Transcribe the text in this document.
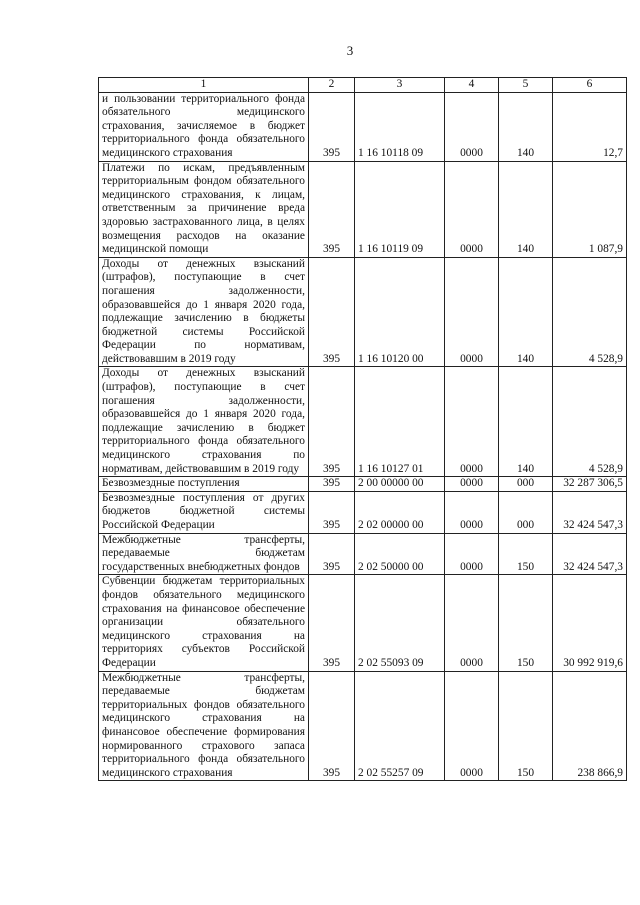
3
1	2	3	4	5	6
и пользовании территориального фонда обязательного медицинского страхования, зачисляемое в бюджет территориального фонда обязательного медицинского страхования	395	1 16 10118 09	0000	140	12,7
Платежи по искам, предъявленным территориальным фондом обязательного медицинского страхования, к лицам, ответственным за причинение вреда здоровью застрахованного лица, в целях возмещения расходов на оказание медицинской помощи	395	1 16 10119 09	0000	140	1 087,9
Доходы от денежных взысканий (штрафов), поступающие в счет погашения задолженности, образовавшейся до 1 января 2020 года, подлежащие зачислению в бюджеты бюджетной системы Российской Федерации по нормативам, действовавшим в 2019 году	395	1 16 10120 00	0000	140	4 528,9
Доходы от денежных взысканий (штрафов), поступающие в счет погашения задолженности, образовавшейся до 1 января 2020 года, подлежащие зачислению в бюджет территориального фонда обязательного медицинского страхования по нормативам, действовавшим в 2019 году	395	1 16 10127 01	0000	140	4 528,9
Безвозмездные поступления	395	2 00 00000 00	0000	000	32 287 306,5
Безвозмездные поступления от других бюджетов бюджетной системы Российской Федерации	395	2 02 00000 00	0000	000	32 424 547,3
Межбюджетные трансферты, передаваемые бюджетам государственных внебюджетных фондов	395	2 02 50000 00	0000	150	32 424 547,3
Субвенции бюджетам территориальных фондов обязательного медицинского страхования на финансовое обеспечение организации обязательного медицинского страхования на территориях субъектов Российской Федерации	395	2 02 55093 09	0000	150	30 992 919,6
Межбюджетные трансферты, передаваемые бюджетам территориальных фондов обязательного медицинского страхования на финансовое обеспечение формирования нормированного страхового запаса территориального фонда обязательного медицинского страхования	395	2 02 55257 09	0000	150	238 866,9
